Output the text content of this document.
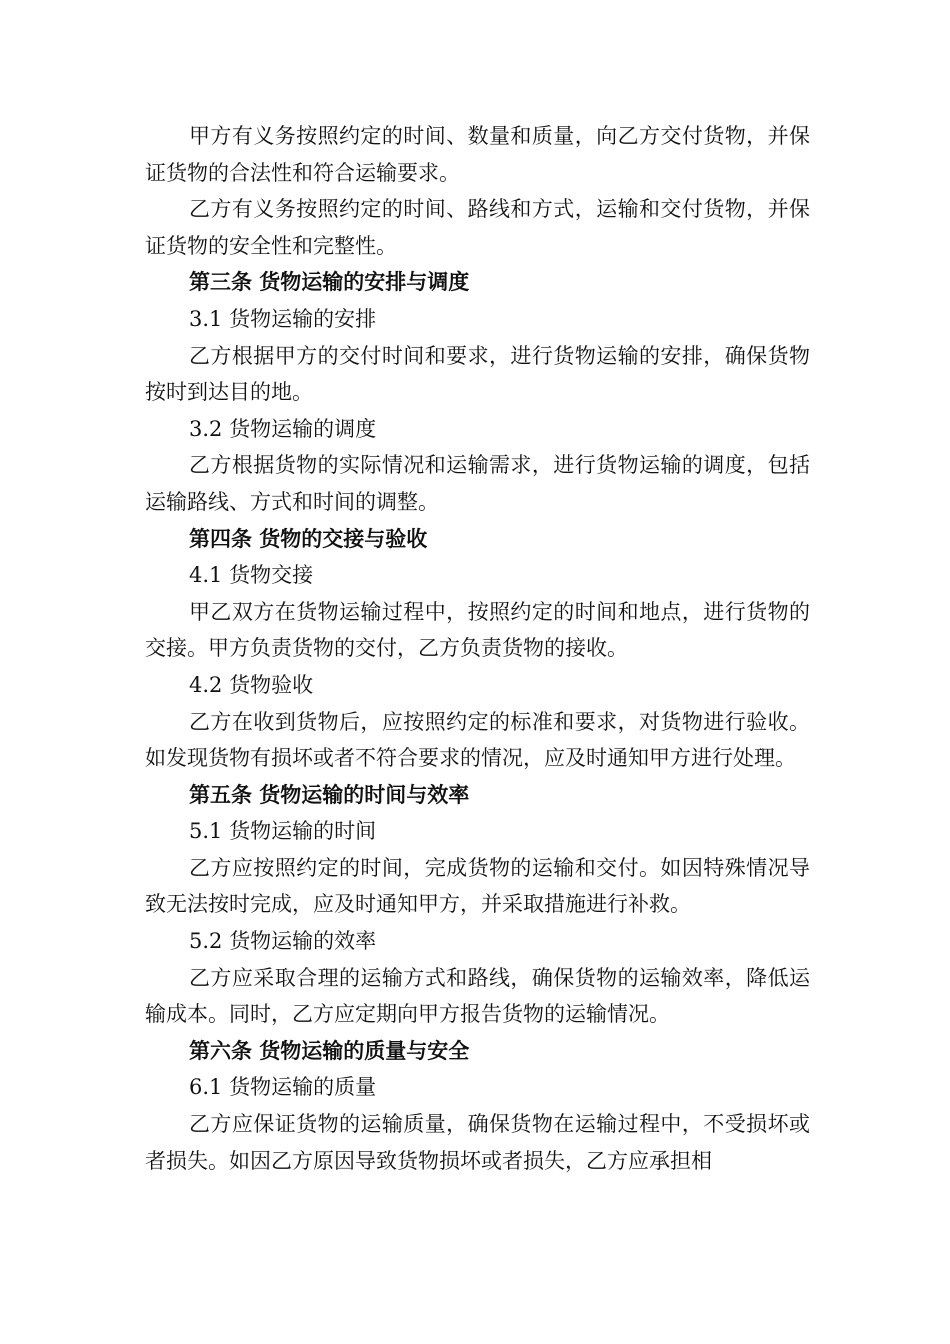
甲方有义务按照约定的时间、数量和质量，向乙方交付货物，并保证货物的合法性和符合运输要求。

乙方有义务按照约定的时间、路线和方式，运输和交付货物，并保证货物的安全性和完整性。

第三条 货物运输的安排与调度

3.1 货物运输的安排

乙方根据甲方的交付时间和要求，进行货物运输的安排，确保货物按时到达目的地。

3.2 货物运输的调度

乙方根据货物的实际情况和运输需求，进行货物运输的调度，包括运输路线、方式和时间的调整。

第四条 货物的交接与验收

4.1 货物交接

甲乙双方在货物运输过程中，按照约定的时间和地点，进行货物的交接。甲方负责货物的交付，乙方负责货物的接收。

4.2 货物验收

乙方在收到货物后，应按照约定的标准和要求，对货物进行验收。如发现货物有损坏或者不符合要求的情况，应及时通知甲方进行处理。

第五条 货物运输的时间与效率

5.1 货物运输的时间

乙方应按照约定的时间，完成货物的运输和交付。如因特殊情况导致无法按时完成，应及时通知甲方，并采取措施进行补救。

5.2 货物运输的效率

乙方应采取合理的运输方式和路线，确保货物的运输效率，降低运输成本。同时，乙方应定期向甲方报告货物的运输情况。

第六条 货物运输的质量与安全

6.1 货物运输的质量

乙方应保证货物的运输质量，确保货物在运输过程中，不受损坏或者损失。如因乙方原因导致货物损坏或者损失，乙方应承担相
